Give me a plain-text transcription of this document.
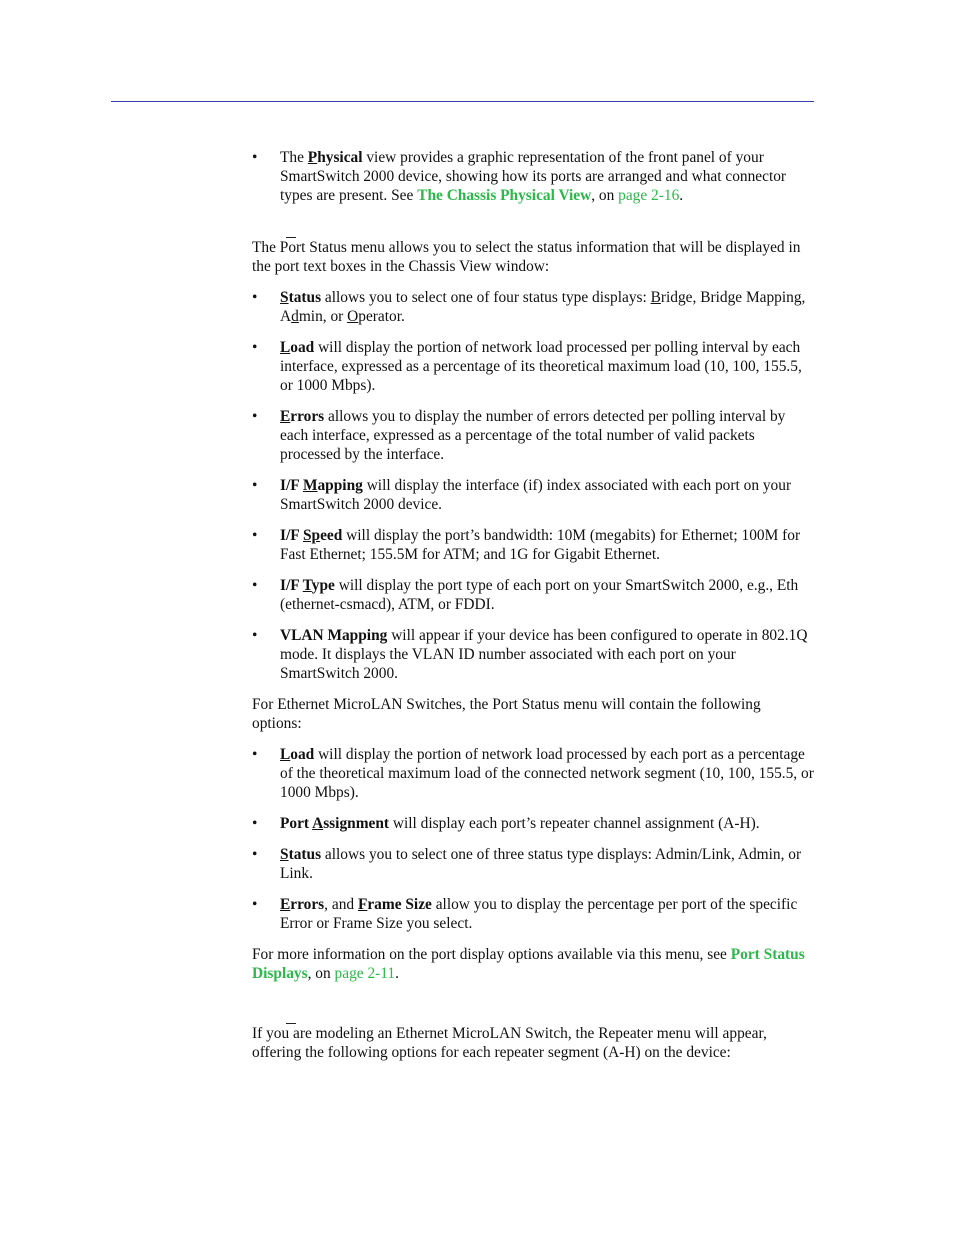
• The Physical view provides a graphic representation of the front panel of your SmartSwitch 2000 device, showing how its ports are arranged and what connector types are present. See The Chassis Physical View, on page 2-16.

The Port Status menu allows you to select the status information that will be displayed in the port text boxes in the Chassis View window:

• Status allows you to select one of four status type displays: Bridge, Bridge Mapping, Admin, or Operator.
• Load will display the portion of network load processed per polling interval by each interface, expressed as a percentage of its theoretical maximum load (10, 100, 155.5, or 1000 Mbps).
• Errors allows you to display the number of errors detected per polling interval by each interface, expressed as a percentage of the total number of valid packets processed by the interface.
• I/F Mapping will display the interface (if) index associated with each port on your SmartSwitch 2000 device.
• I/F Speed will display the port’s bandwidth: 10M (megabits) for Ethernet; 100M for Fast Ethernet; 155.5M for ATM; and 1G for Gigabit Ethernet.
• I/F Type will display the port type of each port on your SmartSwitch 2000, e.g., Eth (ethernet-csmacd), ATM, or FDDI.
• VLAN Mapping will appear if your device has been configured to operate in 802.1Q mode. It displays the VLAN ID number associated with each port on your SmartSwitch 2000.

For Ethernet MicroLAN Switches, the Port Status menu will contain the following options:

• Load will display the portion of network load processed by each port as a percentage of the theoretical maximum load of the connected network segment (10, 100, 155.5, or 1000 Mbps).
• Port Assignment will display each port’s repeater channel assignment (A-H).
• Status allows you to select one of three status type displays: Admin/Link, Admin, or Link.
• Errors, and Frame Size allow you to display the percentage per port of the specific Error or Frame Size you select.

For more information on the port display options available via this menu, see Port Status Displays, on page 2-11.

If you are modeling an Ethernet MicroLAN Switch, the Repeater menu will appear, offering the following options for each repeater segment (A-H) on the device:
